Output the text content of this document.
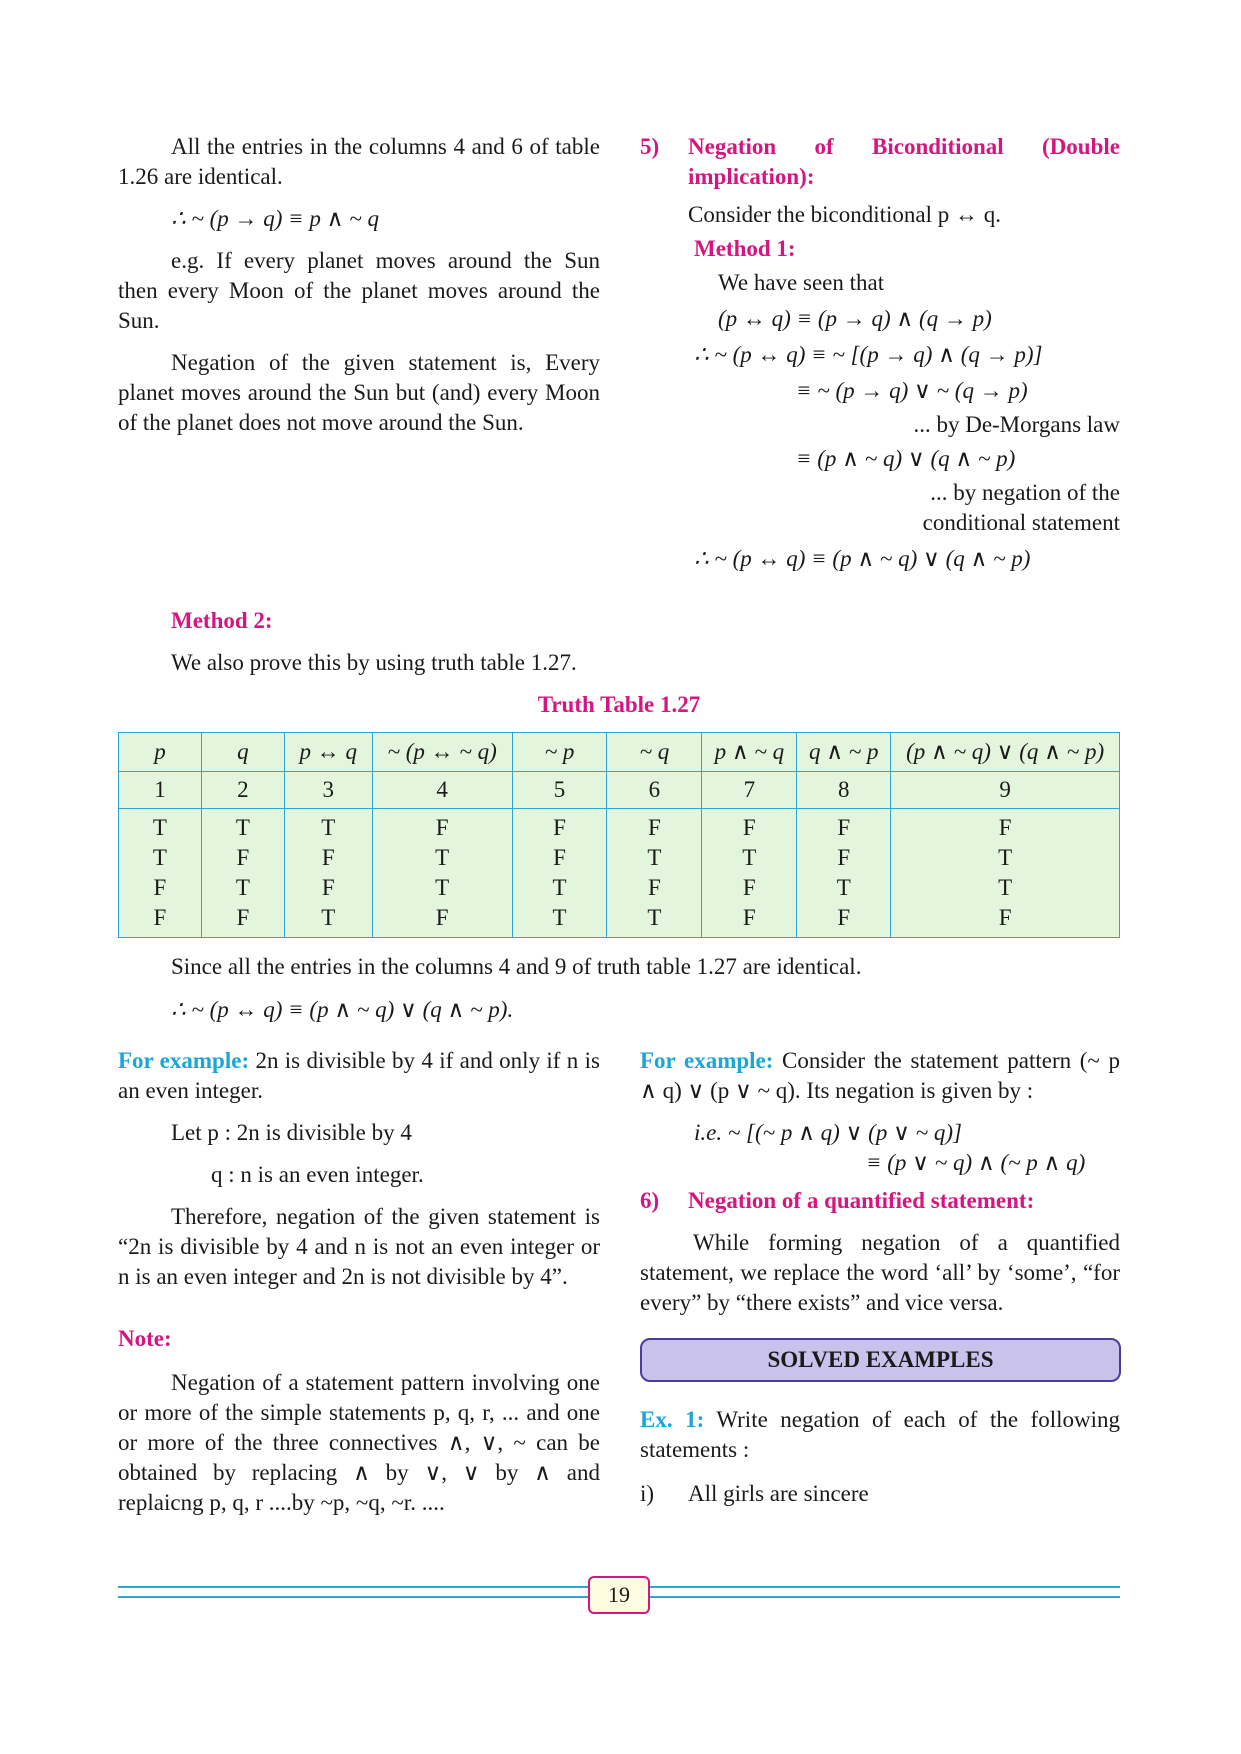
All the entries in the columns 4 and 6 of table 1.26 are identical.

∴ ~ (p → q) ≡ p ∧ ~ q

e.g. If every planet moves around the Sun then every Moon of the planet moves around the Sun.

Negation of the given statement is, Every planet moves around the Sun but (and) every Moon of the planet does not move around the Sun.

5) Negation of Biconditional (Double implication):

Consider the biconditional p ↔ q.

Method 1:

We have seen that

(p ↔ q) ≡ (p → q) ∧ (q → p)

∴ ~ (p ↔ q) ≡ ~ [(p → q) ∧ (q → p)]

≡ ~ (p → q) ∨ ~ (q → p)

... by De-Morgans law

≡ (p ∧ ~ q) ∨ (q ∧ ~ p)

... by negation of the

conditional statement

∴ ~ (p ↔ q) ≡ (p ∧ ~ q) ∨ (q ∧ ~ p)

Method 2:

We also prove this by using truth table 1.27.

Truth Table 1.27

p	q	p ↔ q	~ (p ↔ ~ q)	~ p	~ q	p ∧ ~ q	q ∧ ~ p	(p ∧ ~ q) ∨ (q ∧ ~ p)
1	2	3	4	5	6	7	8	9
T	T	T	F	F	F	F	F	F
T	F	F	T	F	T	T	F	T
F	T	F	T	T	F	F	T	T
F	F	T	F	T	T	F	F	F

Since all the entries in the columns 4 and 9 of truth table 1.27 are identical.

∴ ~ (p ↔ q) ≡ (p ∧ ~ q) ∨ (q ∧ ~ p).

For example: 2n is divisible by 4 if and only if n is an even integer.

Let p : 2n is divisible by 4

q : n is an even integer.

Therefore, negation of the given statement is “2n is divisible by 4 and n is not an even integer or n is an even integer and 2n is not divisible by 4”.

Note:

Negation of a statement pattern involving one or more of the simple statements p, q, r, ... and one or more of the three connectives ∧, ∨, ~ can be obtained by replacing ∧ by ∨, ∨ by ∧ and replaicng p, q, r ....by ~p, ~q, ~r. ....

For example: Consider the statement pattern (~ p ∧ q) ∨ (p ∨ ~ q). Its negation is given by :

i.e. ~ [(~ p ∧ q) ∨ (p ∨ ~ q)]

≡ (p ∨ ~ q) ∧ (~ p ∧ q)

6) Negation of a quantified statement:

While forming negation of a quantified statement, we replace the word ‘all’ by ‘some’, “for every” by “there exists” and vice versa.

SOLVED EXAMPLES

Ex. 1: Write negation of each of the following statements :

i) All girls are sincere

19
